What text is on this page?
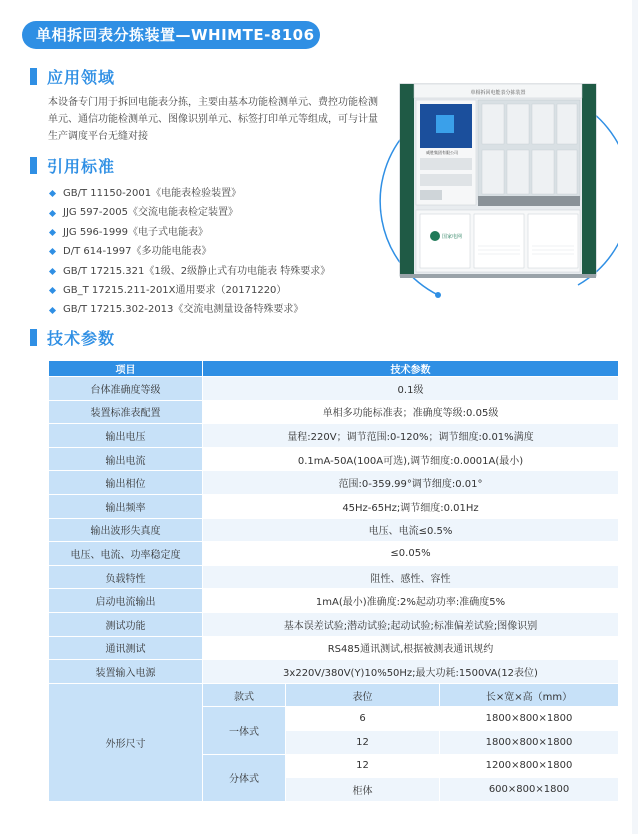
单相拆回表分拣装置—WHIMTE-8106
应用领域

本设备专门用于拆回电能表分拣，主要由基本功能检测单元、费控功能检测单元、通信功能检测单元、图像识别单元、标签打印单元等组成，可与计量生产调度平台无缝对接

引用标准
GB/T 11150-2001《电能表检验装置》
JJG 597-2005《交流电能表检定装置》
JJG 596-1999《电子式电能表》
D/T 614-1997《多功能电能表》
GB/T 17215.321《1级、2级静止式有功电能表 特殊要求》
GB_T 17215.211-201X通用要求（20171220）
GB/T 17215.302-2013《交流电测量设备特殊要求》
单相拆回电能表分拣装置
威胜集团有限公司
国家电网
技术参数
项目	技术参数		
台体准确度等级	0.1级		
装置标准表配置	单相多功能标准表；准确度等级:0.05级		
输出电压	量程:220V；调节范围:0-120%；调节细度:0.01%满度		
输出电流	0.1mA-50A(100A可选),调节细度:0.0001A(最小)		
输出相位	范围:0-359.99°调节细度:0.01°		
输出频率	45Hz-65Hz;调节细度:0.01Hz		
输出波形失真度	电压、电流≤0.5%		
电压、电流、功率稳定度	≤0.05%		
负载特性	阻性、感性、容性		
启动电流输出	1mA(最小)准确度:2%起动功率:准确度5%		
测试功能	基本误差试验;潜动试验;起动试验;标准偏差试验;图像识别		
通讯测试	RS485通讯测试,根据被测表通讯规约		
装置输入电源	3x220V/380V(Y)10%50Hz;最大功耗:1500VA(12表位)		
外形尺寸	款式	表位	长×宽×高（mm）
	一体式	6	1800×800×1800
		12	1800×800×1800
	分体式	12	1200×800×1800
		柜体	600×800×1800
